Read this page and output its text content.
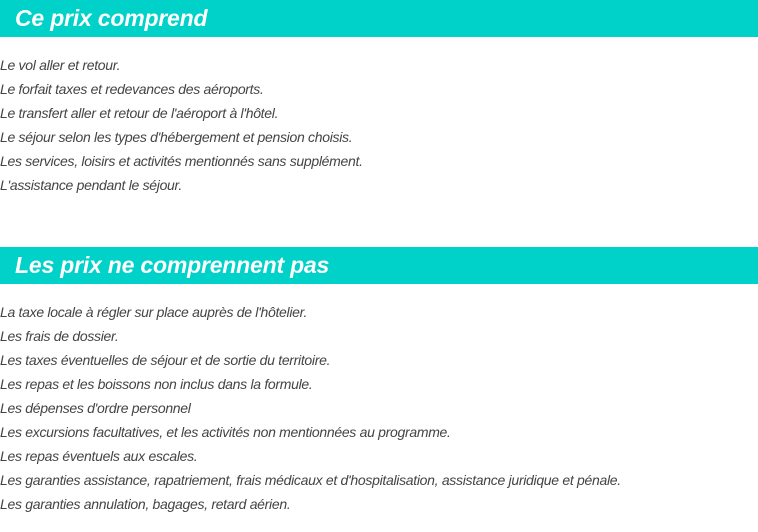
Ce prix comprend
Le vol aller et retour.
Le forfait taxes et redevances des aéroports.
Le transfert aller et retour de l'aéroport à l'hôtel.
Le séjour selon les types d'hébergement et pension choisis.
Les services, loisirs et activités mentionnés sans supplément.
L'assistance pendant le séjour.
Les prix ne comprennent pas
La taxe locale à régler sur place auprès de l'hôtelier.
Les frais de dossier.
Les taxes éventuelles de séjour et de sortie du territoire.
Les repas et les boissons non inclus dans la formule.
Les dépenses d'ordre personnel
Les excursions facultatives, et les activités non mentionnées au programme.
Les repas éventuels aux escales.
Les garanties assistance, rapatriement, frais médicaux et d'hospitalisation, assistance juridique et pénale.
Les garanties annulation, bagages, retard aérien.
